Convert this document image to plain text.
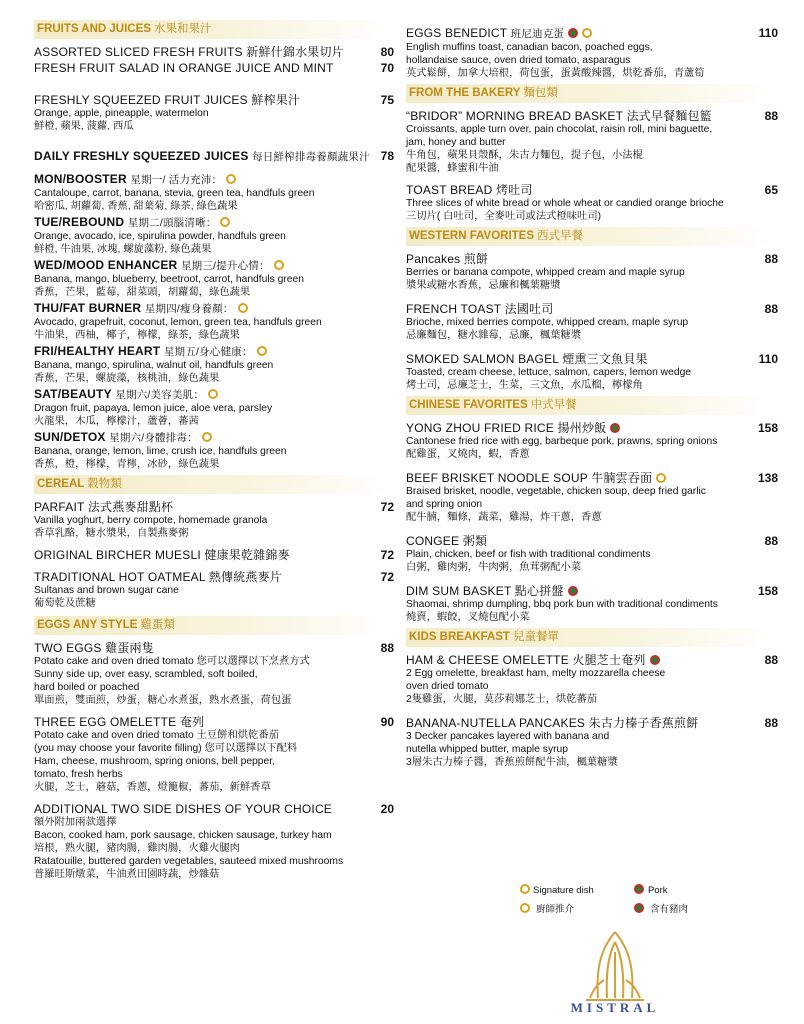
FRUITS AND JUICES 水果和果汁
ASSORTED SLICED FRESH FRUITS 新鮮什錦水果切片	80
FRESH FRUIT SALAD IN ORANGE JUICE AND MINT	70
FRESHLY SQUEEZED FRUIT JUICES 鮮榨果汁	75
Orange, apple, pineapple, watermelon
鮮橙, 蘋果, 菠蘿, 西瓜
DAILY FRESHLY SQUEEZED JUICES 每日鮮榨排毒養顏蔬果汁 78
MON/BOOSTER 星期一/ 活力充沛：
Cantaloupe, carrot, banana, stevia, green tea, handfuls green
哈密瓜, 胡蘿蔔, 香蕉, 甜葉菊, 綠茶, 綠色蔬果
TUE/REBOUND 星期二/頭腦清晰：
Orange, avocado, ice, spirulina powder, handfuls green
鮮橙, 牛油果, 冰塊, 螺旋藻粉, 綠色蔬果
WED/MOOD ENHANCER 星期三/提升心情：
Banana, mango, blueberry, beetroot, carrot, handfuls green
香蕉，芒果，藍莓，甜菜頭，胡蘿蔔，綠色蔬果
THU/FAT BURNER 星期四/瘦身養顏：
Avocado, grapefruit, coconut, lemon, green tea, handfuls green
牛油果，西柚，椰子，檸檬，綠茶，綠色蔬果
FRI/HEALTHY HEART 星期五/身心健康：
Banana, mango, spirulina, walnut oil, handfuls green
香蕉，芒果，螺旋藻，核桃油，綠色蔬果
SAT/BEAUTY 星期六/美容美肌：
Dragon fruit, papaya, lemon juice, aloe vera, parsley
火龍果，木瓜，檸檬汁，蘆薈，蕃茜
SUN/DETOX 星期六/身體排毒：
Banana, orange, lemon, lime, crush ice, handfuls green
香蕉，橙，檸檬，青檸，冰砂，綠色蔬果
CEREAL 穀物類
PARFAIT 法式燕麥甜點杯	72
Vanilla yoghurt, berry compote, homemade granola
香草乳酪，糖水漿果，自製燕麥粥
ORIGINAL BIRCHER MUESLI 健康果乾雜錦麥	72
TRADITIONAL HOT OATMEAL 熱傳統燕麥片	72
Sultanas and brown sugar cane
葡萄乾及蔗糖
EGGS ANY STYLE 雞蛋類
TWO EGGS 雞蛋兩隻	88
Potato cake and oven dried tomato 您可以選擇以下烹煮方式
Sunny side up, over easy, scrambled, soft boiled,
hard boiled or poached
單面煎，雙面煎，炒蛋，糖心水煮蛋，熟水煮蛋，荷包蛋
THREE EGG OMELETTE 奄列	90
Potato cake and oven dried tomato 土豆餅和烘乾番茄
(you may choose your favorite filling) 您可以選擇以下配料
Ham, cheese, mushroom, spring onions, bell pepper,
tomato, fresh herbs
火腿，芝士，蘑菇，香蔥，燈籠椒，蕃茄，新鮮香草
ADDITIONAL TWO SIDE DISHES OF YOUR CHOICE	20
額外附加兩款選擇
Bacon, cooked ham, pork sausage, chicken sausage, turkey ham
培根，熟火腿，豬肉腸，雞肉腸，火雞火腿肉
Ratatouille, buttered garden vegetables, sauteed mixed mushrooms
普羅旺斯燉菜，牛油煮田園時蔬，炒雜菇
EGGS BENEDICT 班尼迪克蛋	110
English muffins toast, canadian bacon, poached eggs,
hollandaise sauce, oven dried tomato, asparagus
英式鬆餅，加拿大培根，荷包蛋，蛋黃酸辣醬，烘乾番茄，青蘆筍
FROM THE BAKERY 麵包類
“BRIDOR” MORNING BREAD BASKET 法式早餐麵包籃	88
Croissants, apple turn over, pain chocolat, raisin roll, mini baguette,
jam, honey and butter
牛角包，蘋果貝殼酥，朱古力麵包，提子包，小法棍
配果醬，蜂蜜和牛油
TOAST BREAD 烤吐司	65
Three slices of white bread or whole wheat or candied orange brioche
三切片( 白吐司，全麥吐司或法式橙味吐司)
WESTERN FAVORITES 西式早餐
Pancakes 煎餅	88
Berries or banana compote, whipped cream and maple syrup
漿果或糖水香蕉，忌廉和楓葉糖漿
FRENCH TOAST 法國吐司	88
Brioche, mixed berries compote, whipped cream, maple syrup
忌廉麵包，糖水雜莓，忌廉，楓葉糖漿
SMOKED SALMON BAGEL 煙熏三文魚貝果	110
Toasted, cream cheese, lettuce, salmon, capers, lemon wedge
烤土司，忌廉芝士，生菜，三文魚，水瓜榴，檸檬角
CHINESE FAVORITES 中式早餐
YONG ZHOU FRIED RICE 揚州炒飯	158
Cantonese fried rice with egg, barbeque pork, prawns, spring onions
配雞蛋，叉燒肉，蝦，香蔥
BEEF BRISKET NOODLE SOUP 牛腩雲吞面	138
Braised brisket, noodle, vegetable, chicken soup, deep fried garlic
and spring onion
配牛腩，麵條，蔬菜，雞湯，炸干蔥，香蔥
CONGEE 粥類	88
Plain, chicken, beef or fish with traditional condiments
白粥，雞肉粥，牛肉粥，魚茸粥配小菜
DIM SUM BASKET 點心拼盤	158
Shaomai, shrimp dumpling, bbq pork bun with traditional condiments
燒賣，蝦餃，叉燒包配小菜
KIDS BREAKFAST 兒童餐單
HAM & CHEESE OMELETTE 火腿芝士奄列	88
2 Egg omelette, breakfast ham, melty mozzarella cheese
oven dried tomato
2隻雞蛋，火腿，莫莎莉娜芝士，烘乾蕃茄
BANANA-NUTELLA PANCAKES 朱古力榛子香蕉煎餅	88
3 Decker pancakes layered with banana and
nutella whipped butter, maple syrup
3層朱古力榛子醬，香蕉煎餅配牛油，楓葉糖漿
Signature dish
廚師推介
Pork
含有豬肉
MISTRAL
